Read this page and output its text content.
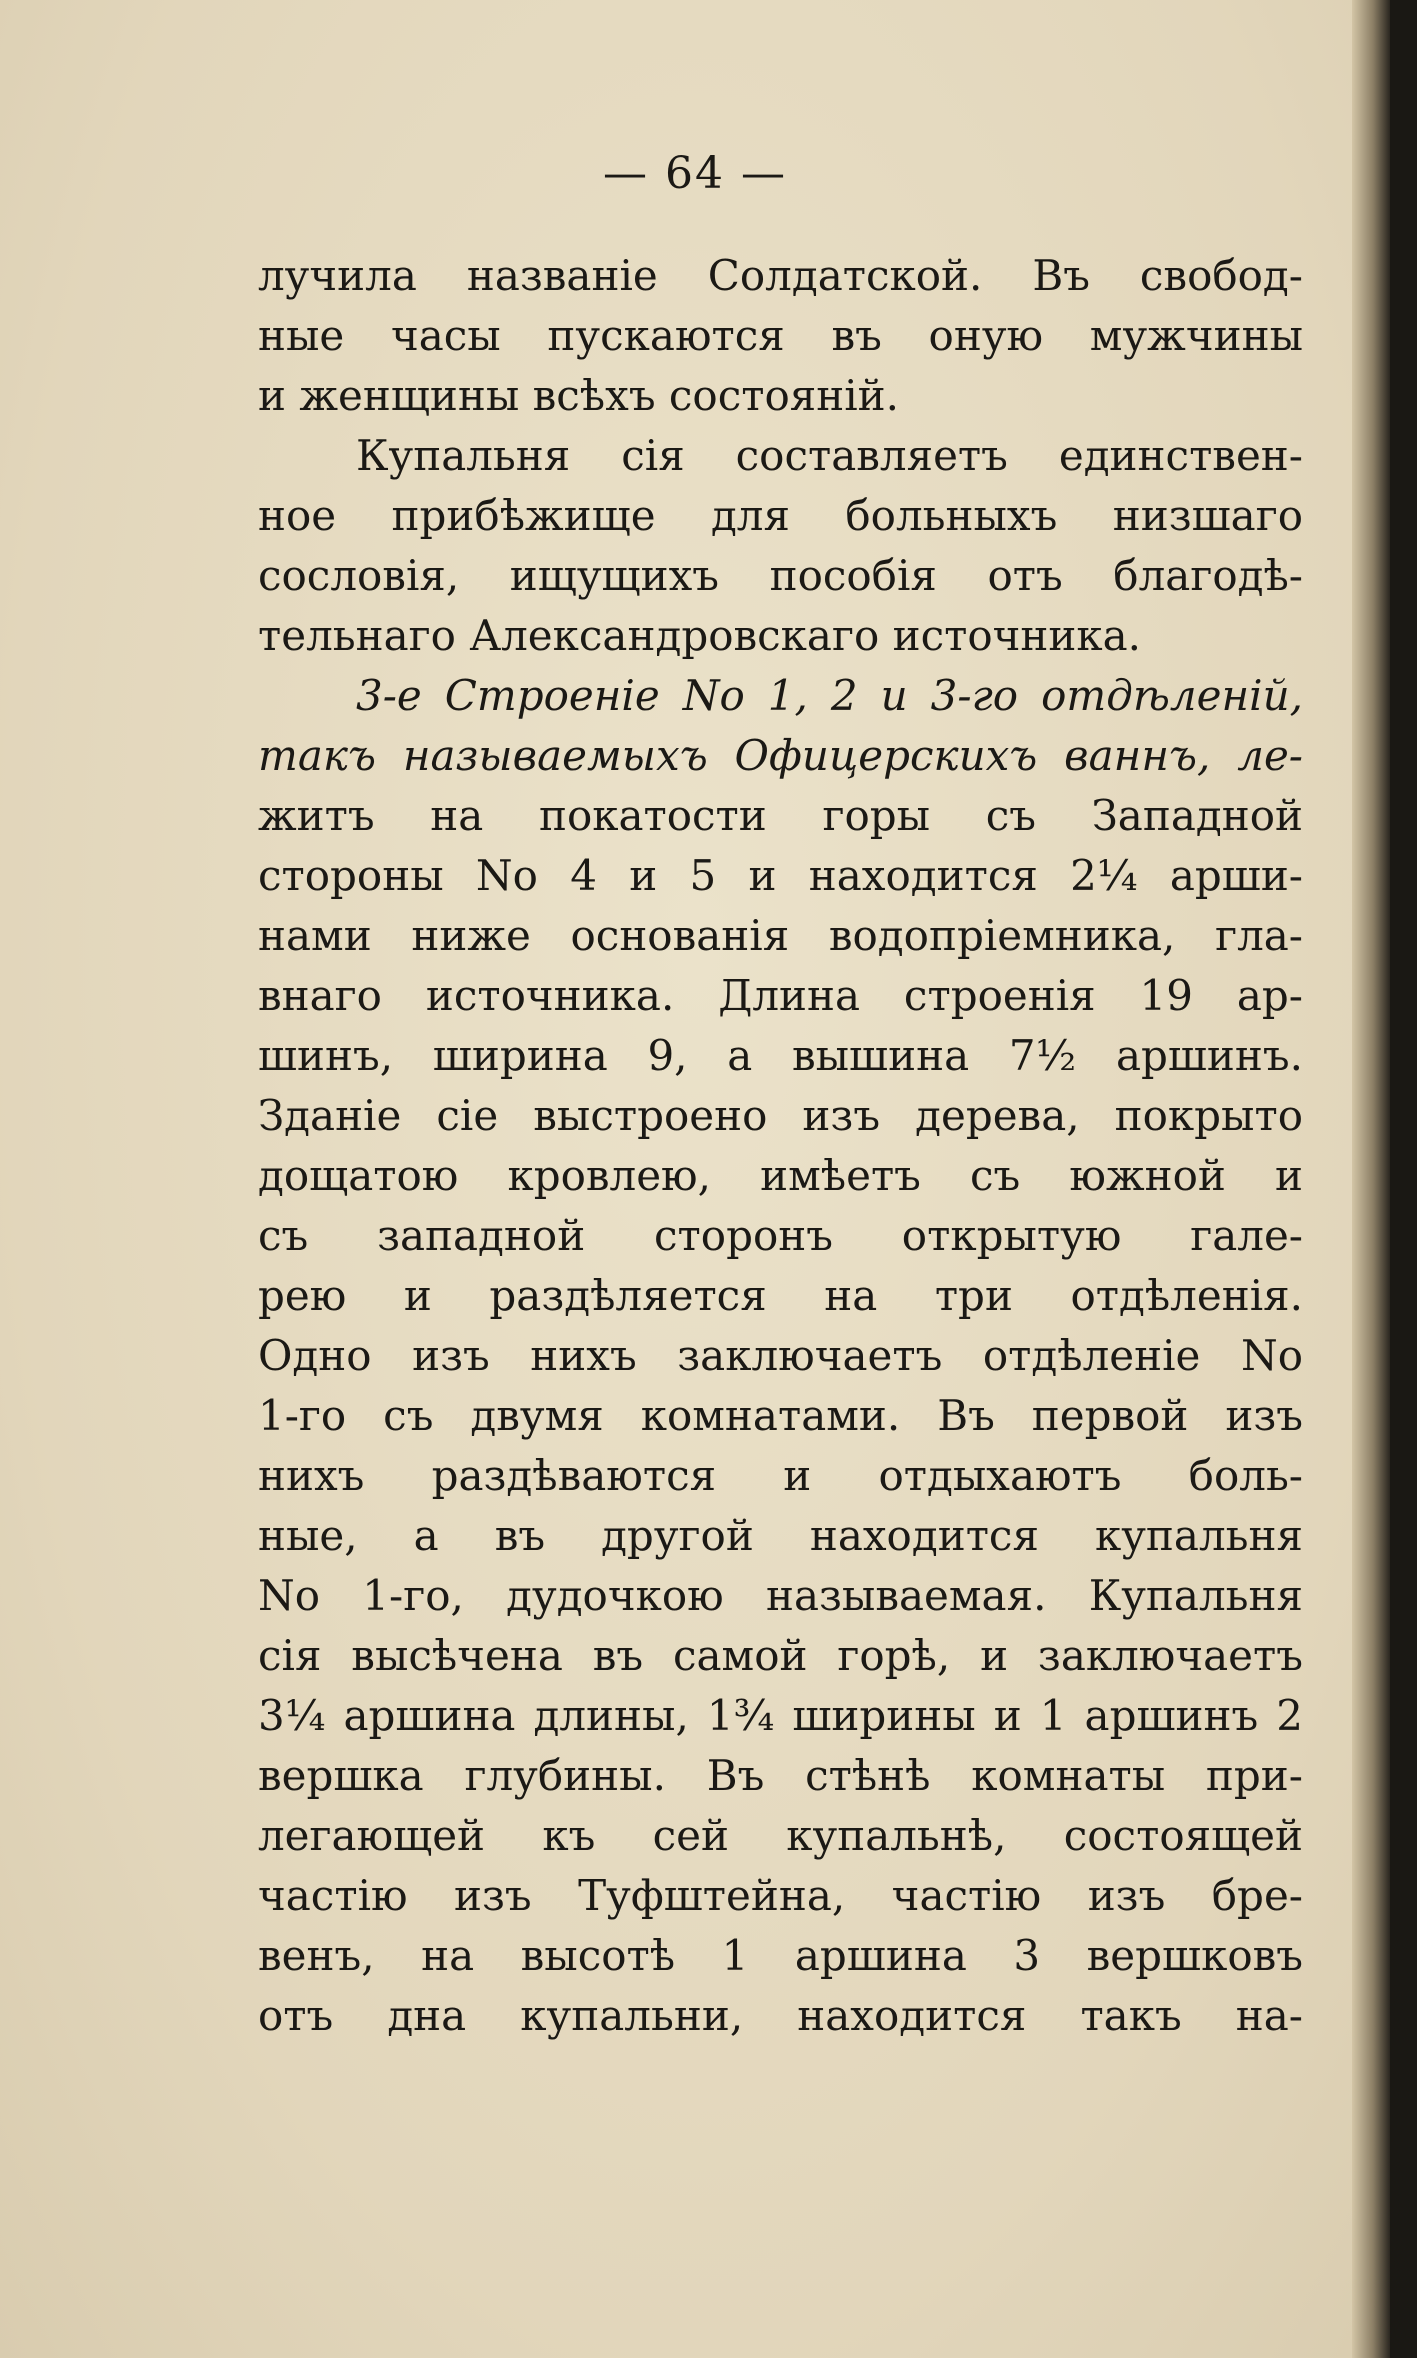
— 64 —
лучила названіе Солдатской. Въ свобод-
ные часы пускаются въ оную мужчины
и женщины всѣхъ состояній.
Купальня сія составляетъ единствен-
ное прибѣжище для больныхъ низшаго
сословія, ищущихъ пособія отъ благодѣ-
тельнаго Александровскаго источника.
3-е Строеніе No 1, 2 и 3-го отдѣленій,
такъ называемыхъ Офицерскихъ ваннъ, ле-
житъ на покатости горы съ Западной
стороны No 4 и 5 и находится 2¼ арши-
нами ниже основанія водопріемника, гла-
внаго источника. Длина строенія 19 ар-
шинъ, ширина 9, а вышина 7½ аршинъ.
Зданіе сіе выстроено изъ дерева, покрыто
дощатою кровлею, имѣетъ съ южной и
съ западной сторонъ открытую гале-
рею и раздѣляется на три отдѣленія.
Одно изъ нихъ заключаетъ отдѣленіе No
1-го съ двумя комнатами. Въ первой изъ
нихъ раздѣваются и отдыхаютъ боль-
ные, а въ другой находится купальня
No 1-го, дудочкою называемая. Купальня
сія высѣчена въ самой горѣ, и заключаетъ
3¼ аршина длины, 1¾ ширины и 1 аршинъ 2
вершка глубины. Въ стѣнѣ комнаты при-
легающей къ сей купальнѣ, состоящей
частію изъ Туфштейна, частію изъ бре-
венъ, на высотѣ 1 аршина 3 вершковъ
отъ дна купальни, находится такъ на-
